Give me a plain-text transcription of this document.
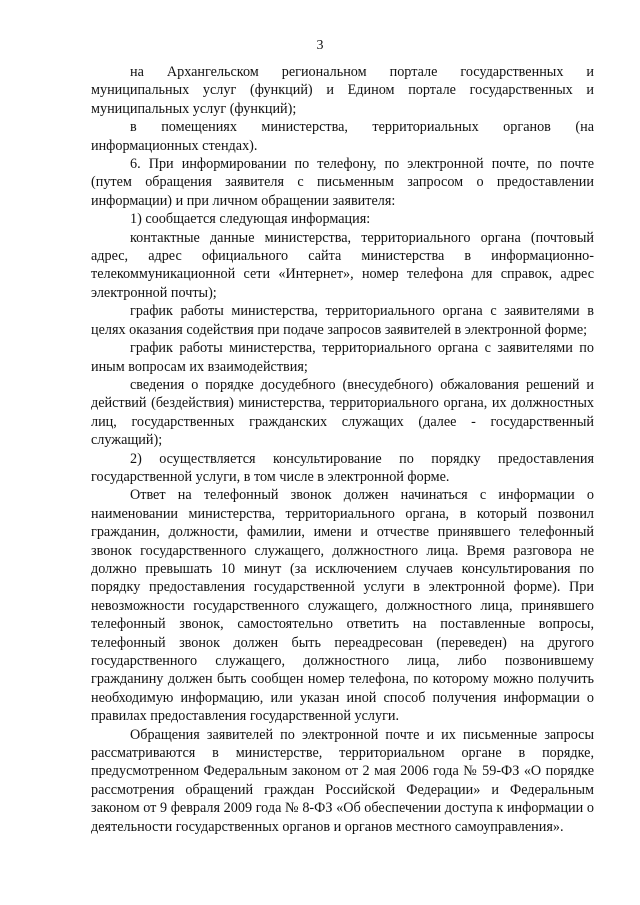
3

на Архангельском региональном портале государственных и муниципальных услуг (функций) и Едином портале государственных и муниципальных услуг (функций);

в помещениях министерства, территориальных органов (на информационных стендах).

6. При информировании по телефону, по электронной почте, по почте (путем обращения заявителя с письменным запросом о предоставлении информации) и при личном обращении заявителя:

1) сообщается следующая информация:

контактные данные министерства, территориального органа (почтовый адрес, адрес официального сайта министерства в информационно-телекоммуникационной сети «Интернет», номер телефона для справок, адрес электронной почты);

график работы министерства, территориального органа с заявителями в целях оказания содействия при подаче запросов заявителей в электронной форме;

график работы министерства, территориального органа с заявителями по иным вопросам их взаимодействия;

сведения о порядке досудебного (внесудебного) обжалования решений и действий (бездействия) министерства, территориального органа, их должностных лиц, государственных гражданских служащих (далее - государственный служащий);

2) осуществляется консультирование по порядку предоставления государственной услуги, в том числе в электронной форме.

Ответ на телефонный звонок должен начинаться с информации о наименовании министерства, территориального органа, в который позвонил гражданин, должности, фамилии, имени и отчестве принявшего телефонный звонок государственного служащего, должностного лица. Время разговора не должно превышать 10 минут (за исключением случаев консультирования по порядку предоставления государственной услуги в электронной форме). При невозможности государственного служащего, должностного лица, принявшего телефонный звонок, самостоятельно ответить на поставленные вопросы, телефонный звонок должен быть переадресован (переведен) на другого государственного служащего, должностного лица, либо позвонившему гражданину должен быть сообщен номер телефона, по которому можно получить необходимую информацию, или указан иной способ получения информации о правилах предоставления государственной услуги.

Обращения заявителей по электронной почте и их письменные запросы рассматриваются в министерстве, территориальном органе в порядке, предусмотренном Федеральным законом от 2 мая 2006 года № 59-ФЗ «О порядке рассмотрения обращений граждан Российской Федерации» и Федеральным законом от 9 февраля 2009 года № 8-ФЗ «Об обеспечении доступа к информации о деятельности государственных органов и органов местного самоуправления».
